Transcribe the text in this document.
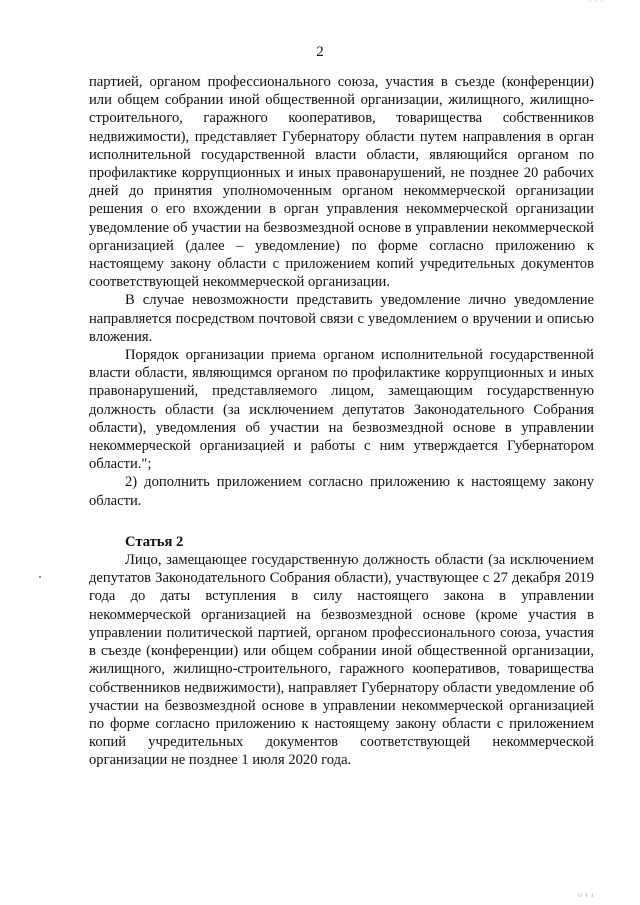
· · ·
2

партией, органом профессионального союза, участия в съезде (конференции) или общем собрании иной общественной организации, жилищного, жилищно-строительного, гаражного кооперативов, товарищества собственников недвижимости), представляет Губернатору области путем направления в орган исполнительной государственной власти области, являющийся органом по профилактике коррупционных и иных правонарушений, не позднее 20 рабочих дней до принятия уполномоченным органом некоммерческой организации решения о его вхождении в орган управления некоммерческой организации уведомление об участии на безвозмездной основе в управлении некоммерческой организацией (далее – уведомление) по форме согласно приложению к настоящему закону области с приложением копий учредительных документов соответствующей некоммерческой организации.

В случае невозможности представить уведомление лично уведомление направляется посредством почтовой связи с уведомлением о вручении и описью вложения.

Порядок организации приема органом исполнительной государственной власти области, являющимся органом по профилактике коррупционных и иных правонарушений, представляемого лицом, замещающим государственную должность области (за исключением депутатов Законодательного Собрания области), уведомления об участии на безвозмездной основе в управлении некоммерческой организацией и работы с ним утверждается Губернатором области.";

2) дополнить приложением согласно приложению к настоящему закону области.

Статья 2

Лицо, замещающее государственную должность области (за исключением депутатов Законодательного Собрания области), участвующее с 27 декабря 2019 года до даты вступления в силу настоящего закона в управлении некоммерческой организацией на безвозмездной основе (кроме участия в управлении политической партией, органом профессионального союза, участия в съезде (конференции) или общем собрании иной общественной организации, жилищного, жилищно-строительного, гаражного кооперативов, товарищества собственников недвижимости), направляет Губернатору области уведомление об участии на безвозмездной основе в управлении некоммерческой организацией по форме согласно приложению к настоящему закону области с приложением копий учредительных документов соответствующей некоммерческой организации не позднее 1 июля 2020 года.

ıı ı ı
